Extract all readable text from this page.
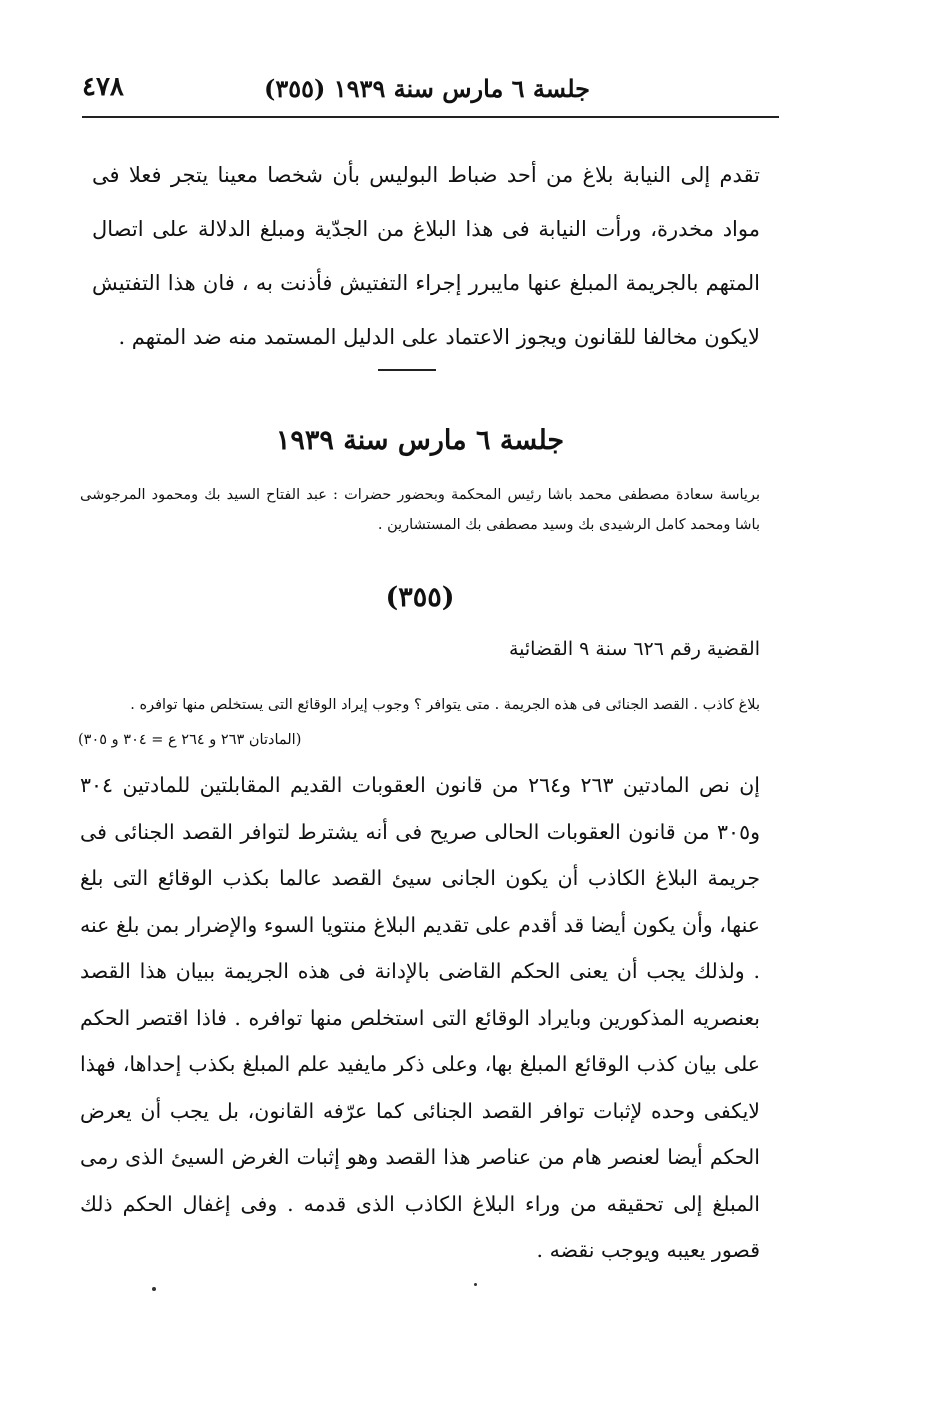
٤٧٨	جلسة ٦ مارس سنة ١٩٣٩ (٣٥٥)
تقدم إلى النيابة بلاغ من أحد ضباط البوليس بأن شخصا معينا يتجر فعلا فى مواد مخدرة، ورأت النيابة فى هذا البلاغ من الجدّية ومبلغ الدلالة على اتصال المتهم بالجريمة المبلغ عنها مايبرر إجراء التفتيش فأذنت به ، فان هذا التفتيش لايكون مخالفا للقانون ويجوز الاعتماد على الدليل المستمد منه ضد المتهم .
جلسة ٦ مارس سنة ١٩٣٩
برياسة سعادة مصطفى محمد باشا رئيس المحكمة وبحضور حضرات : عبد الفتاح السيد بك ومحمود المرجوشى باشا ومحمد كامل الرشيدى بك وسيد مصطفى بك المستشارين .
(٣٥٥)
القضية رقم ٦٢٦ سنة ٩ القضائية
بلاغ كاذب . القصد الجنائى فى هذه الجريمة . متى يتوافر ؟ وجوب إيراد الوقائع التى يستخلص منها توافره .
(المادتان ٢٦٣ و ٢٦٤ ع = ٣٠٤ و ٣٠٥)
إن نص المادتين ٢٦٣ و٢٦٤ من قانون العقوبات القديم المقابلتين للمادتين ٣٠٤ و٣٠٥ من قانون العقوبات الحالى صريح فى أنه يشترط لتوافر القصد الجنائى فى جريمة البلاغ الكاذب أن يكون الجانى سيئ القصد عالما بكذب الوقائع التى بلغ عنها، وأن يكون أيضا قد أقدم على تقديم البلاغ منتويا السوء والإضرار بمن بلغ عنه . ولذلك يجب أن يعنى الحكم القاضى بالإدانة فى هذه الجريمة ببيان هذا القصد بعنصريه المذكورين وبايراد الوقائع التى استخلص منها توافره . فاذا اقتصر الحكم على بيان كذب الوقائع المبلغ بها، وعلى ذكر مايفيد علم المبلغ بكذب إحداها، فهذا لايكفى وحده لإثبات توافر القصد الجنائى كما عرّفه القانون، بل يجب أن يعرض الحكم أيضا لعنصر هام من عناصر هذا القصد وهو إثبات الغرض السيئ الذى رمى المبلغ إلى تحقيقه من وراء البلاغ الكاذب الذى قدمه . وفى إغفال الحكم ذلك قصور يعيبه ويوجب نقضه .
